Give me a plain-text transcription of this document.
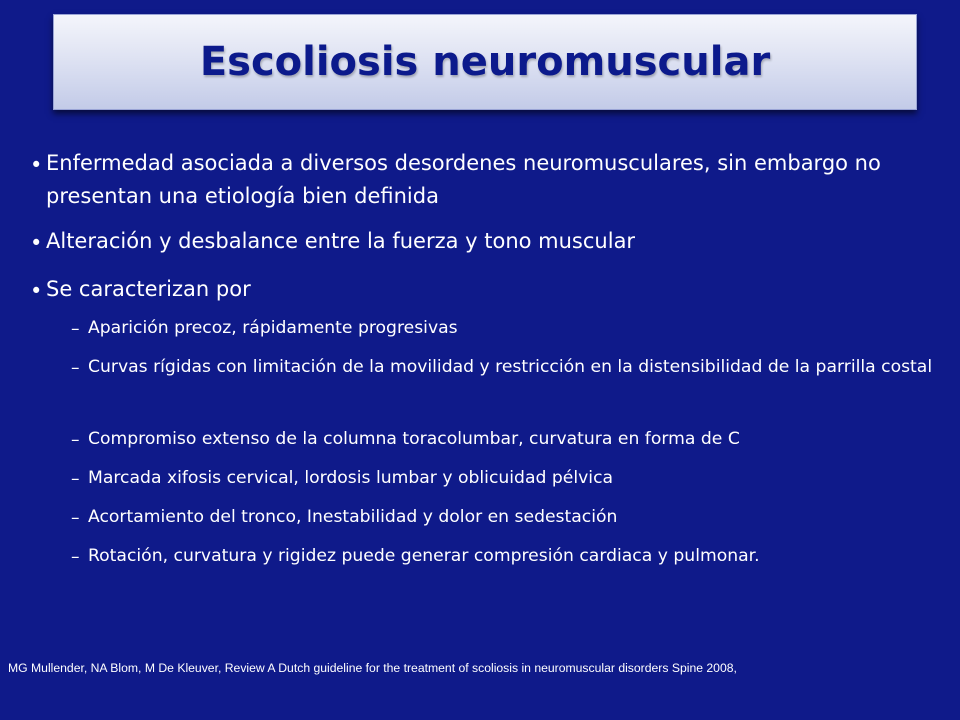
Escoliosis neuromuscular
• Enfermedad asociada a diversos desordenes neuromusculares, sin embargo no presentan una etiología bien definida
• Alteración y desbalance entre la fuerza y tono muscular
• Se caracterizan por
– Aparición precoz, rápidamente progresivas
– Curvas rígidas con limitación de la movilidad y restricción en la distensibilidad de la parrilla costal
– Compromiso extenso de la columna toracolumbar, curvatura en forma de C
– Marcada xifosis cervical, lordosis lumbar y oblicuidad pélvica
– Acortamiento del tronco, Inestabilidad y dolor en sedestación
– Rotación, curvatura y rigidez puede generar compresión cardiaca y pulmonar.
MG Mullender, NA Blom, M De Kleuver, Review A Dutch guideline for the treatment of scoliosis in neuromuscular disorders Spine 2008,
